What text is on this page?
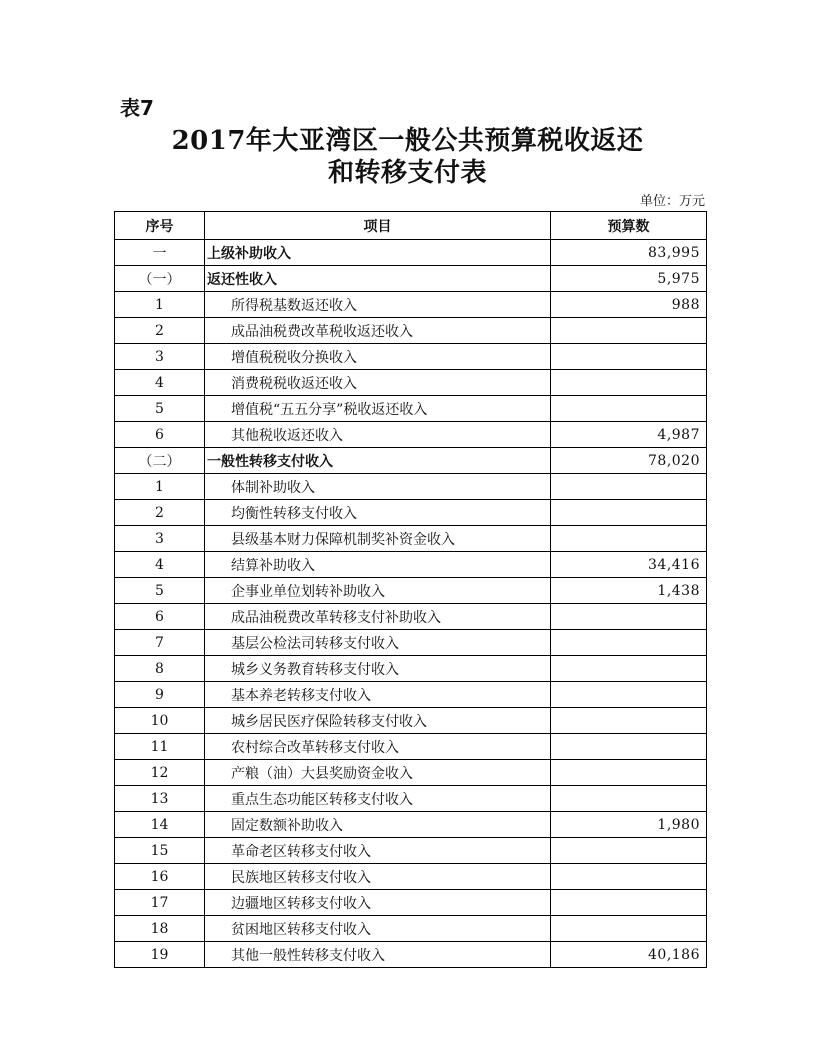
表7
2017年大亚湾区一般公共预算税收返还
和转移支付表
单位：万元
序号	项目	预算数
一	上级补助收入	83,995
（一）	返还性收入	5,975
1	所得税基数返还收入	988
2	成品油税费改革税收返还收入	
3	增值税税收分换收入	
4	消费税税收返还收入	
5	增值税“五五分享”税收返还收入	
6	其他税收返还收入	4,987
（二）	一般性转移支付收入	78,020
1	体制补助收入	
2	均衡性转移支付收入	
3	县级基本财力保障机制奖补资金收入	
4	结算补助收入	34,416
5	企事业单位划转补助收入	1,438
6	成品油税费改革转移支付补助收入	
7	基层公检法司转移支付收入	
8	城乡义务教育转移支付收入	
9	基本养老转移支付收入	
10	城乡居民医疗保险转移支付收入	
11	农村综合改革转移支付收入	
12	产粮（油）大县奖励资金收入	
13	重点生态功能区转移支付收入	
14	固定数额补助收入	1,980
15	革命老区转移支付收入	
16	民族地区转移支付收入	
17	边疆地区转移支付收入	
18	贫困地区转移支付收入	
19	其他一般性转移支付收入	40,186
